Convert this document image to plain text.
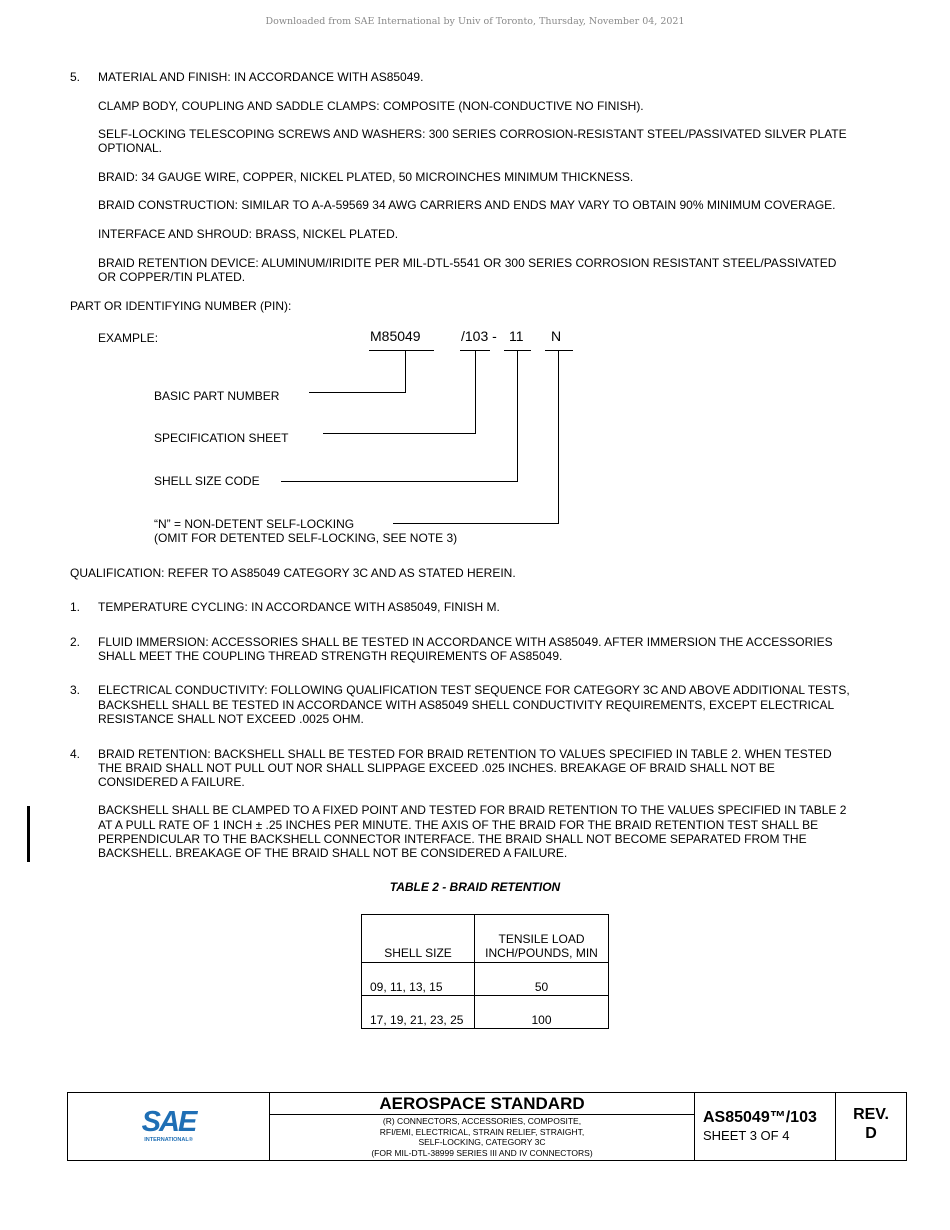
Downloaded from SAE International by Univ of Toronto, Thursday, November 04, 2021
5.	MATERIAL AND FINISH: IN ACCORDANCE WITH AS85049.
CLAMP BODY, COUPLING AND SADDLE CLAMPS: COMPOSITE (NON-CONDUCTIVE NO FINISH).
SELF-LOCKING TELESCOPING SCREWS AND WASHERS: 300 SERIES CORROSION-RESISTANT STEEL/PASSIVATED SILVER PLATE
OPTIONAL.
BRAID: 34 GAUGE WIRE, COPPER, NICKEL PLATED, 50 MICROINCHES MINIMUM THICKNESS.
BRAID CONSTRUCTION: SIMILAR TO A-A-59569 34 AWG CARRIERS AND ENDS MAY VARY TO OBTAIN 90% MINIMUM COVERAGE.
INTERFACE AND SHROUD: BRASS, NICKEL PLATED.
BRAID RETENTION DEVICE: ALUMINUM/IRIDITE PER MIL-DTL-5541 OR 300 SERIES CORROSION RESISTANT STEEL/PASSIVATED
OR COPPER/TIN PLATED.
PART OR IDENTIFYING NUMBER (PIN):
EXAMPLE:	M85049	/103 - 11 N
BASIC PART NUMBER
SPECIFICATION SHEET
SHELL SIZE CODE
“N” = NON-DETENT SELF-LOCKING
(OMIT FOR DETENTED SELF-LOCKING, SEE NOTE 3)
QUALIFICATION: REFER TO AS85049 CATEGORY 3C AND AS STATED HEREIN.
1.	TEMPERATURE CYCLING: IN ACCORDANCE WITH AS85049, FINISH M.
2.	FLUID IMMERSION: ACCESSORIES SHALL BE TESTED IN ACCORDANCE WITH AS85049. AFTER IMMERSION THE ACCESSORIES
SHALL MEET THE COUPLING THREAD STRENGTH REQUIREMENTS OF AS85049.
3.	ELECTRICAL CONDUCTIVITY: FOLLOWING QUALIFICATION TEST SEQUENCE FOR CATEGORY 3C AND ABOVE ADDITIONAL TESTS,
BACKSHELL SHALL BE TESTED IN ACCORDANCE WITH AS85049 SHELL CONDUCTIVITY REQUIREMENTS, EXCEPT ELECTRICAL
RESISTANCE SHALL NOT EXCEED .0025 OHM.
4.	BRAID RETENTION: BACKSHELL SHALL BE TESTED FOR BRAID RETENTION TO VALUES SPECIFIED IN TABLE 2. WHEN TESTED
THE BRAID SHALL NOT PULL OUT NOR SHALL SLIPPAGE EXCEED .025 INCHES. BREAKAGE OF BRAID SHALL NOT BE
CONSIDERED A FAILURE.
BACKSHELL SHALL BE CLAMPED TO A FIXED POINT AND TESTED FOR BRAID RETENTION TO THE VALUES SPECIFIED IN TABLE 2
AT A PULL RATE OF 1 INCH ± .25 INCHES PER MINUTE. THE AXIS OF THE BRAID FOR THE BRAID RETENTION TEST SHALL BE
PERPENDICULAR TO THE BACKSHELL CONNECTOR INTERFACE. THE BRAID SHALL NOT BECOME SEPARATED FROM THE
BACKSHELL. BREAKAGE OF THE BRAID SHALL NOT BE CONSIDERED A FAILURE.
TABLE 2 - BRAID RETENTION
SHELL SIZE	TENSILE LOAD
INCH/POUNDS, MIN

09, 11, 13, 15	50
17, 19, 21, 23, 25	100
SAE
INTERNATIONAL®
AEROSPACE STANDARD
(R) CONNECTORS, ACCESSORIES, COMPOSITE,
RFI/EMI, ELECTRICAL, STRAIN RELIEF, STRAIGHT,
SELF-LOCKING, CATEGORY 3C
(FOR MIL-DTL-38999 SERIES III AND IV CONNECTORS)
AS85049™/103
SHEET 3 OF 4
REV.
D
